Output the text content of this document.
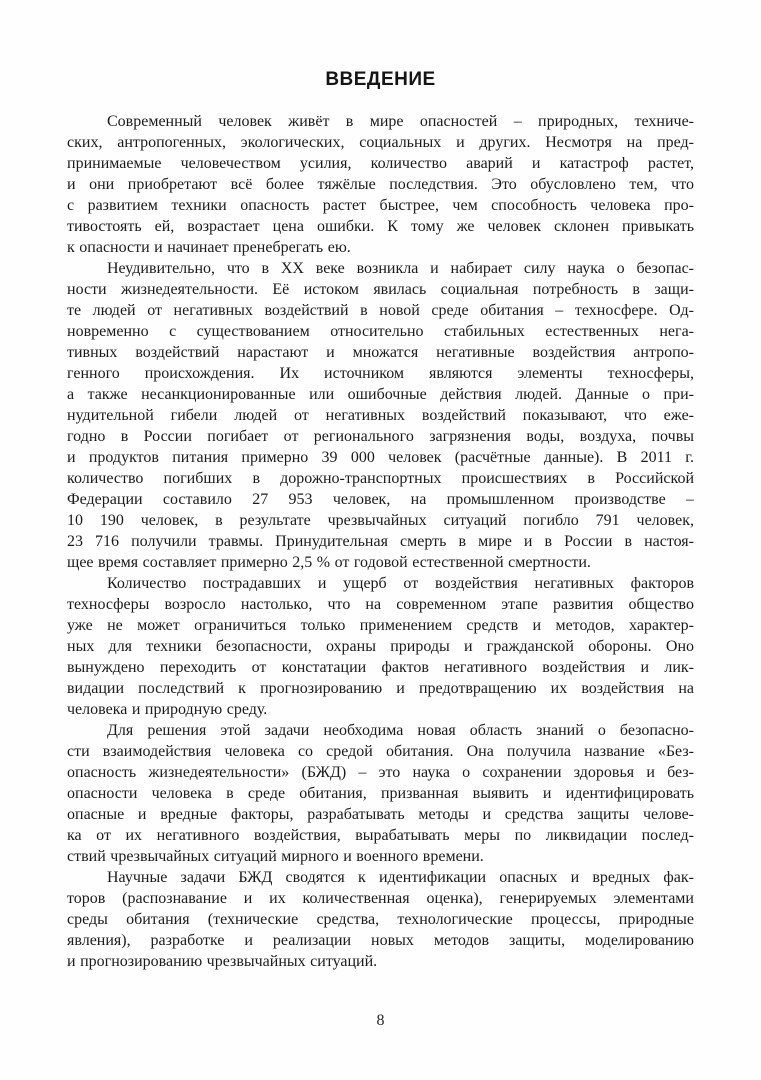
ВВЕДЕНИЕ
Современный человек живёт в мире опасностей – природных, техниче-
ских, антропогенных, экологических, социальных и других. Несмотря на пред-
принимаемые человечеством усилия, количество аварий и катастроф растет,
и они приобретают всё более тяжёлые последствия. Это обусловлено тем, что
с развитием техники опасность растет быстрее, чем способность человека про-
тивостоять ей, возрастает цена ошибки. К тому же человек склонен привыкать
к опасности и начинает пренебрегать ею.
Неудивительно, что в XX веке возникла и набирает силу наука о безопас-
ности жизнедеятельности. Её истоком явилась социальная потребность в защи-
те людей от негативных воздействий в новой среде обитания – техносфере. Од-
новременно с существованием относительно стабильных естественных нега-
тивных воздействий нарастают и множатся негативные воздействия антропо-
генного происхождения. Их источником являются элементы техносферы,
а также несанкционированные или ошибочные действия людей. Данные о при-
нудительной гибели людей от негативных воздействий показывают, что еже-
годно в России погибает от регионального загрязнения воды, воздуха, почвы
и продуктов питания примерно 39 000 человек (расчётные данные). В 2011 г.
количество погибших в дорожно-транспортных происшествиях в Российской
Федерации составило 27 953 человек, на промышленном производстве –
10 190 человек, в результате чрезвычайных ситуаций погибло 791 человек,
23 716 получили травмы. Принудительная смерть в мире и в России в настоя-
щее время составляет примерно 2,5 % от годовой естественной смертности.
Количество пострадавших и ущерб от воздействия негативных факторов
техносферы возросло настолько, что на современном этапе развития общество
уже не может ограничиться только применением средств и методов, характер-
ных для техники безопасности, охраны природы и гражданской обороны. Оно
вынуждено переходить от констатации фактов негативного воздействия и лик-
видации последствий к прогнозированию и предотвращению их воздействия на
человека и природную среду.
Для решения этой задачи необходима новая область знаний о безопасно-
сти взаимодействия человека со средой обитания. Она получила название «Без-
опасность жизнедеятельности» (БЖД) – это наука о сохранении здоровья и без-
опасности человека в среде обитания, призванная выявить и идентифицировать
опасные и вредные факторы, разрабатывать методы и средства защиты челове-
ка от их негативного воздействия, вырабатывать меры по ликвидации послед-
ствий чрезвычайных ситуаций мирного и военного времени.
Научные задачи БЖД сводятся к идентификации опасных и вредных фак-
торов (распознавание и их количественная оценка), генерируемых элементами
среды обитания (технические средства, технологические процессы, природные
явления), разработке и реализации новых методов защиты, моделированию
и прогнозированию чрезвычайных ситуаций.
8
